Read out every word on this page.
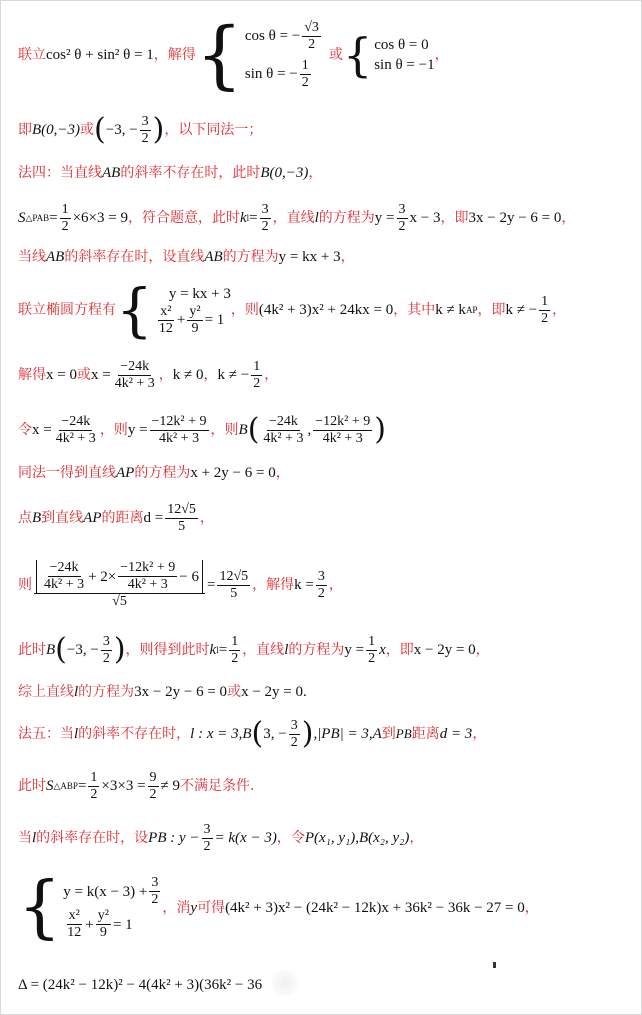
联立 cos² θ + sin² θ = 1 ，解得 { cos θ = − $\frac{√3}{2}$
sin θ = − $\frac{1}{2}$
或 { cos θ = 0
sin θ = −1
，
即 B(0,−3) 或 ( −3, − $\frac{3}{2}$ ) ，以下同法一；
法四：当直线 AB 的斜率不存在时，此时 B(0,−3) ，
S △PAB = $\frac{1}{2} \times 6\times 3 = 9$ ，符合题意，此时 k $l = \frac{3}{2}$ ，直线 l 的方程为 $y = \frac{3}{2}$ x − 3 ，即 3x − 2y − 6 = 0 ，
当线 AB 的斜率存在时，设直线 AB 的方程为 y = kx + 3 ，
联立椭圆方程有 { y = kx + 3
$\frac{\text{x²}}{12} + \frac{\text{y²}}{9} = 1$
，则 (4k² + 3)x² + 24kx = 0 ，其中 k ≠ k AP ，即 k ≠ − $\frac{1}{2}$ ，
解得 x = 0 或 $x = \frac{-24k}{\text{4k² + 3}}$ ， k ≠ 0 ， k ≠ − $\frac{1}{2}$ ，
令 $x = \frac{-24k}{\text{4k² + 3}}$ ，则 $y = \frac{\text{−12k² + 9}}{\text{4k² + 3}}$ ，则 B ( $\frac{-24k}{\text{4k² + 3}}$ , $\frac{\text{−12k² + 9}}{\text{4k² + 3}}$ )
同法一得到直线 AP 的方程为 x + 2y − 6 = 0 ，
点 B 到直线 AP 的距离 $d = \frac{12√5}{5}$ ，
则 $\frac{-24k}{\text{4k² + 3}} + 2\times \frac{\text{−12k² + 9}}{\text{4k² + 3}} - 6$
√5
= $\frac{12√5}{5}$ ，解得 $k = \frac{3}{2}$ ，
此时 B ( −3, − $\frac{3}{2}$ ) ，则得到此时 k $l = \frac{1}{2}$ ，直线 l 的方程为 $y = \frac{1}{2}$ x ，即 x − 2y = 0 ，
综上直线 l 的方程为 3x − 2y − 6 = 0 或 x − 2y = 0 .
法五：当 l 的斜率不存在时， l : x = 3,B ( 3, − $\frac{3}{2}$ ) ,|PB| = 3,A 到 PB 距离 d = 3 ，
此时 S △ABP = $\frac{1}{2} \times 3\times 3 = \frac{9}{2} \ne 9$ 不满足条件.
当 l 的斜率存在时，设 PB : $y - \frac{3}{2} = k(x - 3)$ ，令 P(x₁, y₁),B(x₂, y₂) ，
{ $y = k(x - 3) + \frac{3}{2}$
$\frac{\text{x²}}{12} + \frac{\text{y²}}{9} = 1$
，消 y 可得 (4k² + 3)x² − (24k² − 12k)x + 36k² − 36k − 27 = 0 ，
Δ = (24k² − 12k)² − 4(4k² + 3)(36k² − 36
